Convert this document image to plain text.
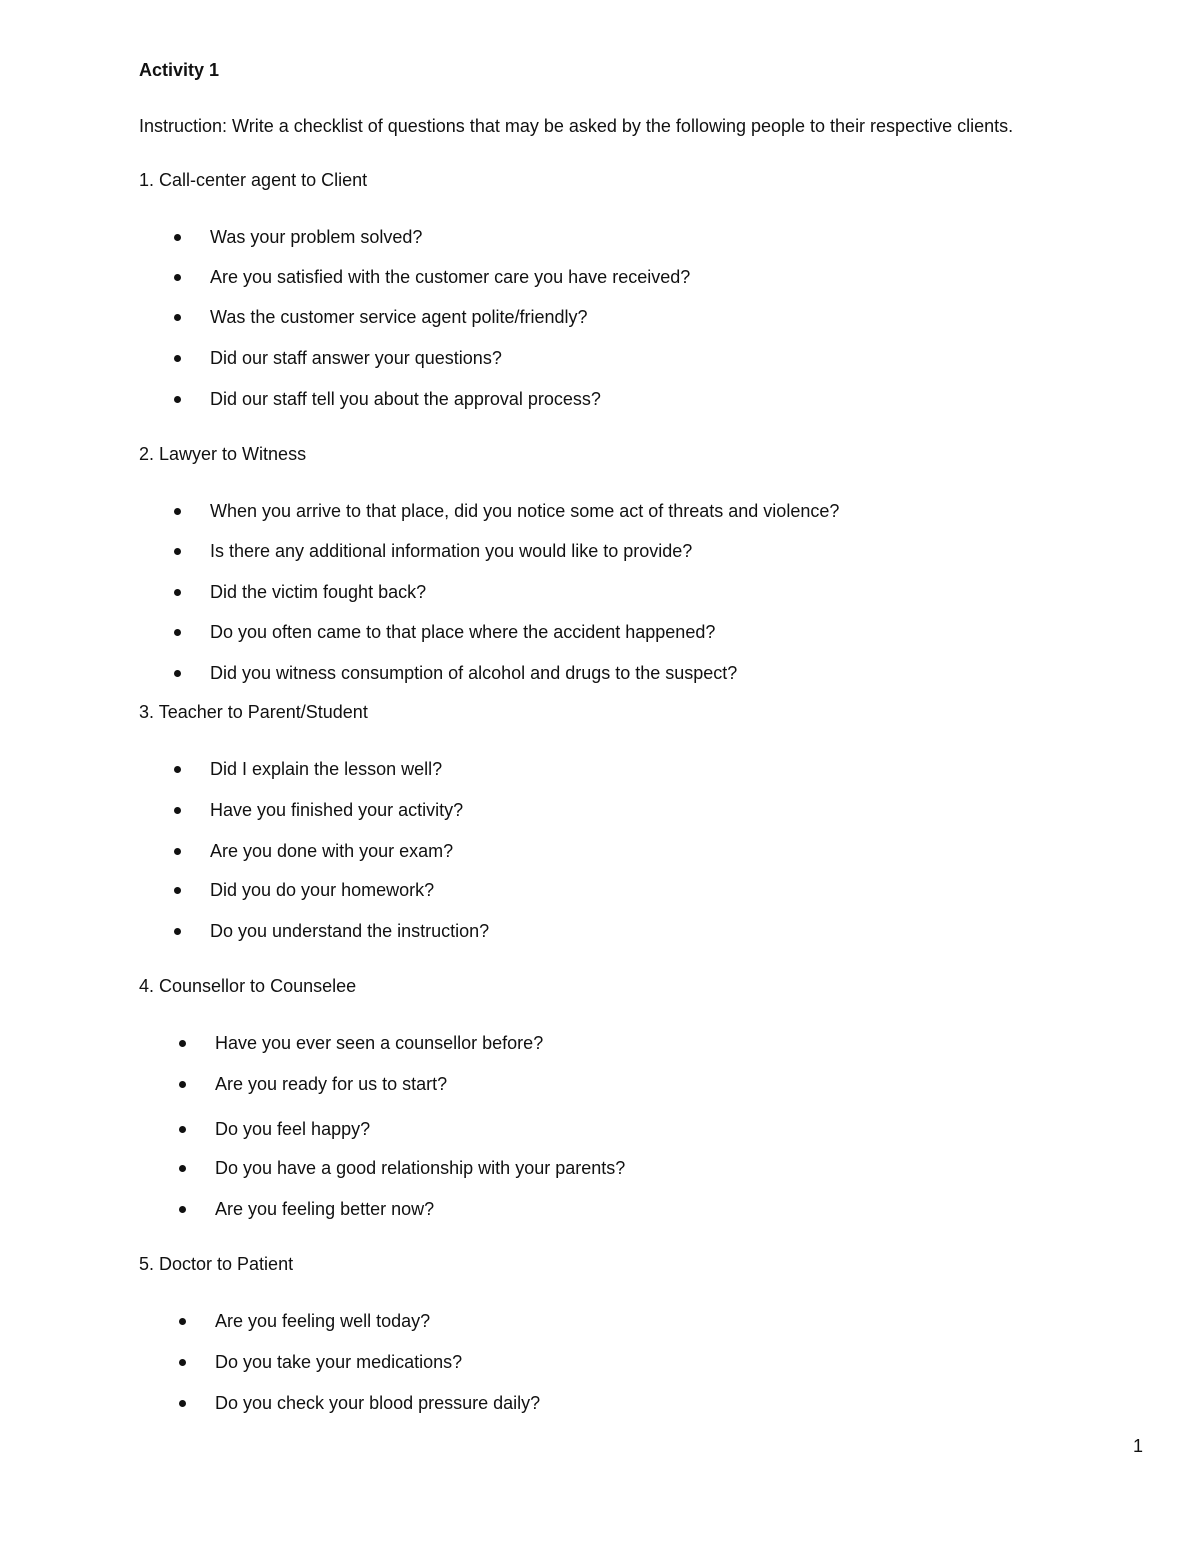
Activity 1
Instruction: Write a checklist of questions that may be asked by the following people to their respective clients.
1. Call-center agent to Client
Was your problem solved?
Are you satisfied with the customer care you have received?
Was the customer service agent polite/friendly?
Did our staff answer your questions?
Did our staff tell you about the approval process?
2. Lawyer to Witness
When you arrive to that place, did you notice some act of threats and violence?
Is there any additional information you would like to provide?
Did the victim fought back?
Do you often came to that place where the accident happened?
Did you witness consumption of alcohol and drugs to the suspect?
3. Teacher to Parent/Student
Did I explain the lesson well?
Have you finished your activity?
Are you done with your exam?
Did you do your homework?
Do you understand the instruction?
4. Counsellor to Counselee
Have you ever seen a counsellor before?
Are you ready for us to start?
Do you feel happy?
Do you have a good relationship with your parents?
Are you feeling better now?
5. Doctor to Patient
Are you feeling well today?
Do you take your medications?
Do you check your blood pressure daily?
1
